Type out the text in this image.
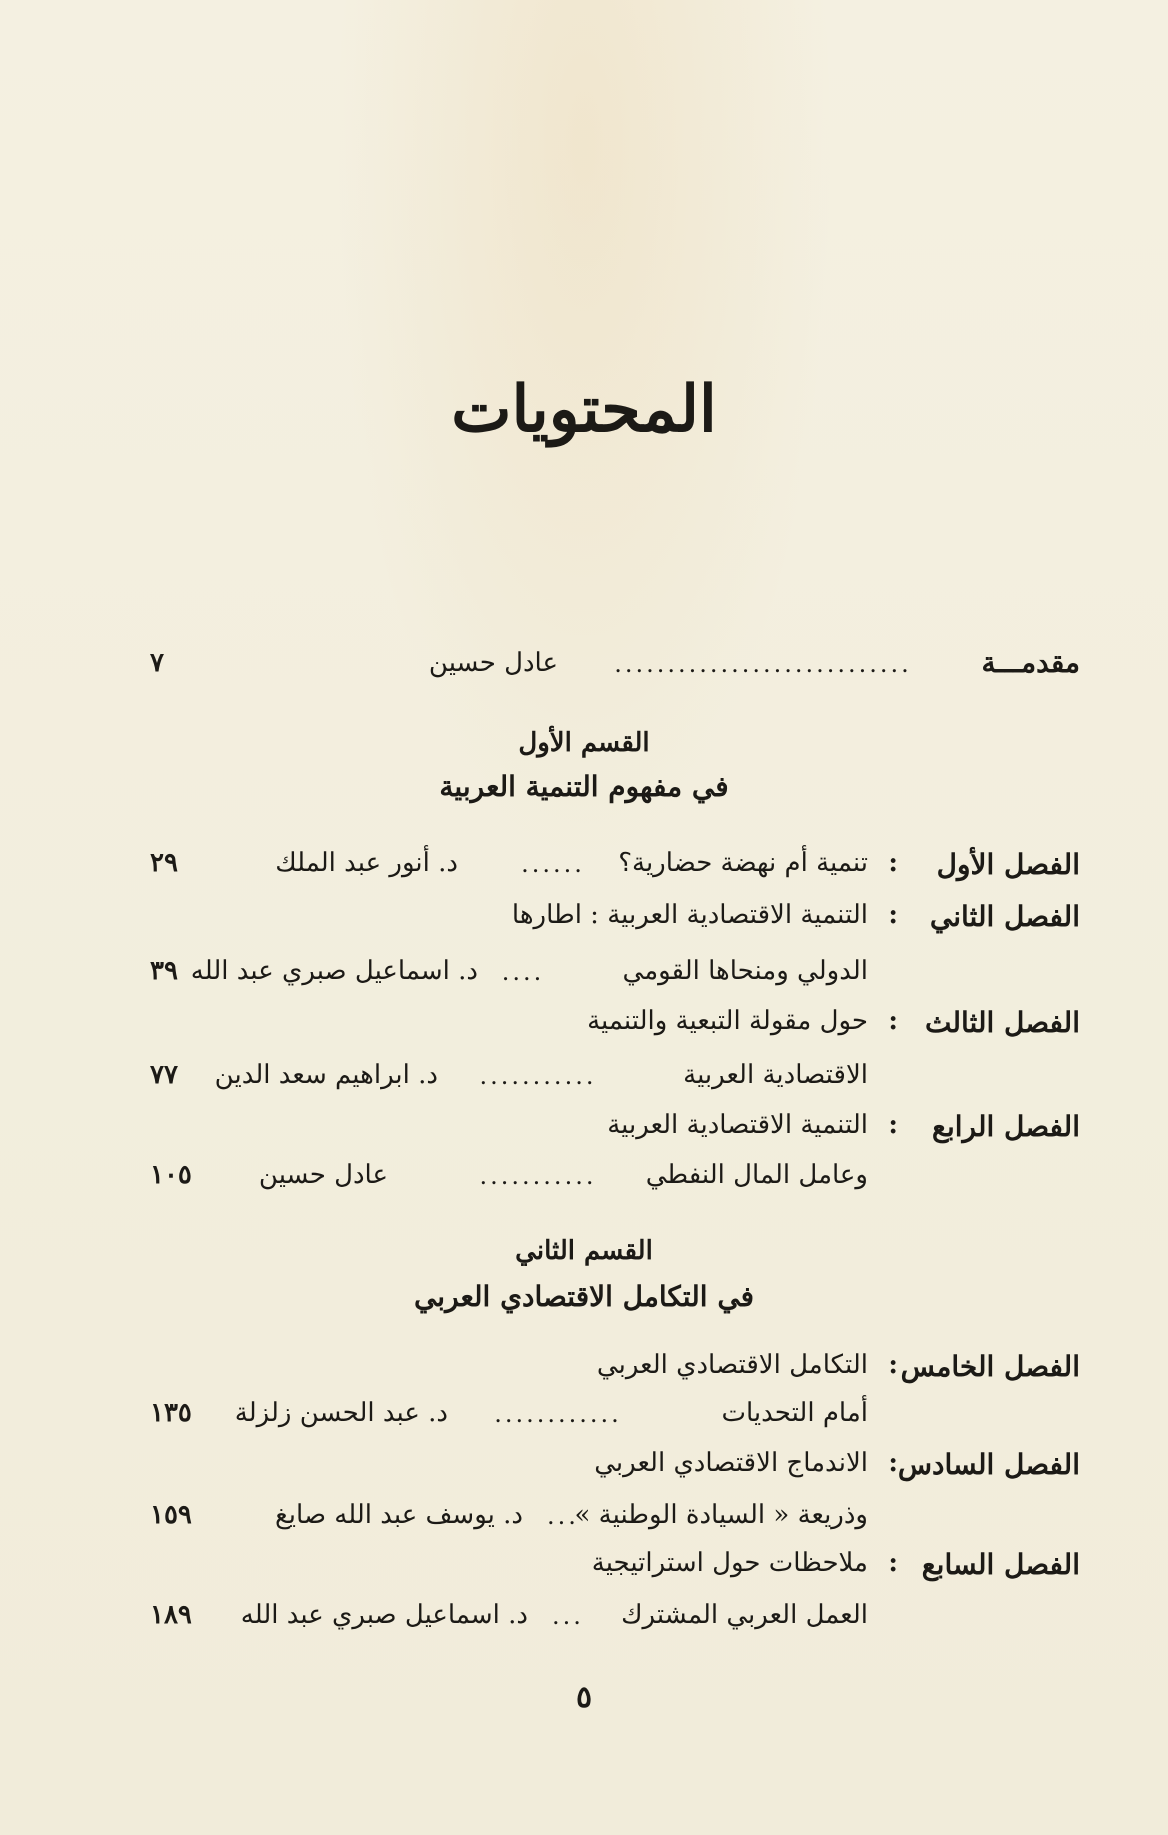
المحتويات
مقدمـــة
............................
عادل حسين
٧
القسم الأول
في مفهوم التنمية العربية
الفصل الأول
:
تنمية أم نهضة حضارية؟
......
د. أنور عبد الملك
٢٩
الفصل الثاني
:
التنمية الاقتصادية العربية : اطارها
الدولي ومنحاها القومي
....
د. اسماعيل صبري عبد الله
٣٩
الفصل الثالث
:
حول مقولة التبعية والتنمية
الاقتصادية العربية
...........
د. ابراهيم سعد الدين
٧٧
الفصل الرابع
:
التنمية الاقتصادية العربية
وعامل المال النفطي
...........
عادل حسين
١٠٥
القسم الثاني
في التكامل الاقتصادي العربي
الفصل الخامس
:
التكامل الاقتصادي العربي
أمام التحديات
............
د. عبد الحسن زلزلة
١٣٥
الفصل السادس
:
الاندماج الاقتصادي العربي
وذريعة « السيادة الوطنية »
...
د. يوسف عبد الله صايغ
١٥٩
الفصل السابع
:
ملاحظات حول استراتيجية
العمل العربي المشترك
...
د. اسماعيل صبري عبد الله
١٨٩
٥
